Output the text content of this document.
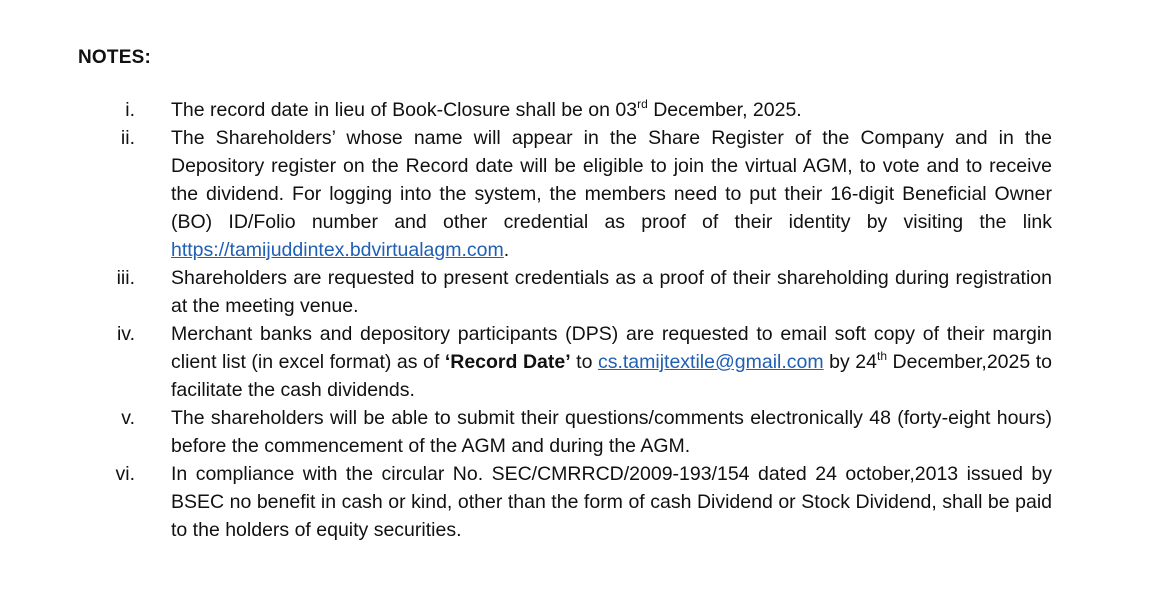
NOTES:
i. The record date in lieu of Book-Closure shall be on 03rd December, 2025.
ii. The Shareholders’ whose name will appear in the Share Register of the Company and in the Depository register on the Record date will be eligible to join the virtual AGM, to vote and to receive the dividend. For logging into the system, the members need to put their 16-digit Beneficial Owner (BO) ID/Folio number and other credential as proof of their identity by visiting the link https://tamijuddintex.bdvirtualagm.com.
iii. Shareholders are requested to present credentials as a proof of their shareholding during registration at the meeting venue.
iv. Merchant banks and depository participants (DPS) are requested to email soft copy of their margin client list (in excel format) as of ‘Record Date’ to cs.tamijtextile@gmail.com by 24th December,2025 to facilitate the cash dividends.
v. The shareholders will be able to submit their questions/comments electronically 48 (forty-eight hours) before the commencement of the AGM and during the AGM.
vi. In compliance with the circular No. SEC/CMRRCD/2009-193/154 dated 24 october,2013 issued by BSEC no benefit in cash or kind, other than the form of cash Dividend or Stock Dividend, shall be paid to the holders of equity securities.
